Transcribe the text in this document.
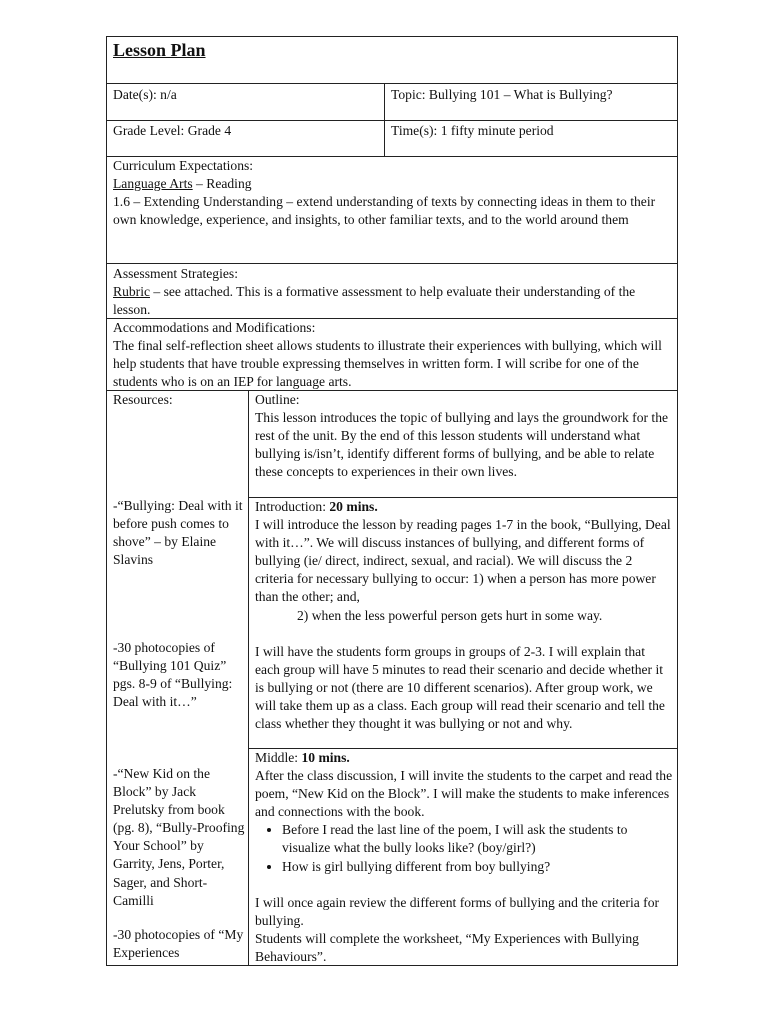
Lesson Plan
Date(s): n/a	Topic: Bullying 101 – What is Bullying?
Grade Level: Grade 4	Time(s): 1 fifty minute period

Curriculum Expectations:

Language Arts – Reading

1.6 – Extending Understanding – extend understanding of texts by connecting ideas in them to their own knowledge, experience, and insights, to other familiar texts, and to the world around them

Assessment Strategies:

Rubric – see attached. This is a formative assessment to help evaluate their understanding of the lesson.

Accommodations and Modifications:

The final self-reflection sheet allows students to illustrate their experiences with bullying, which will help students that have trouble expressing themselves in written form. I will scribe for one of the students who is on an IEP for language arts.

Resources:

-“Bullying: Deal with it before push comes to shove” – by Elaine Slavins

-30 photocopies of “Bullying 101 Quiz” pgs. 8-9 of “Bullying: Deal with it…”

-“New Kid on the Block” by Jack Prelutsky from book (pg. 8), “Bully-Proofing Your School” by Garrity, Jens, Porter, Sager, and Short-Camilli

-30 photocopies of “My Experiences

Outline:

This lesson introduces the topic of bullying and lays the groundwork for the rest of the unit. By the end of this lesson students will understand what bullying is/isn’t, identify different forms of bullying, and be able to relate these concepts to experiences in their own lives.

Introduction: 20 mins.

I will introduce the lesson by reading pages 1-7 in the book, “Bullying, Deal with it…”. We will discuss instances of bullying, and different forms of bullying (ie/ direct, indirect, sexual, and racial). We will discuss the 2 criteria for necessary bullying to occur: 1) when a person has more power than the other; and,

2) when the less powerful person gets hurt in some way.

I will have the students form groups in groups of 2-3. I will explain that each group will have 5 minutes to read their scenario and decide whether it is bullying or not (there are 10 different scenarios). After group work, we will take them up as a class. Each group will read their scenario and tell the class whether they thought it was bullying or not and why.

Middle: 10 mins.

After the class discussion, I will invite the students to the carpet and read the poem, “New Kid on the Block”. I will make the students to make inferences and connections with the book.

• Before I read the last line of the poem, I will ask the students to visualize what the bully looks like? (boy/girl?)
• How is girl bullying different from boy bullying?

I will once again review the different forms of bullying and the criteria for bullying.

Students will complete the worksheet, “My Experiences with Bullying Behaviours”.
